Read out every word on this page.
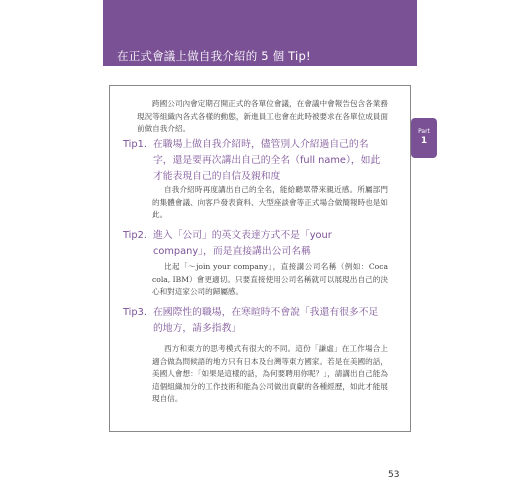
在正式會議上做自我介紹的 5 個 Tip!
Part
1

跨國公司內會定期召開正式的各單位會議，在會議中會報告包含各業務現況等組織內各式各樣的動態，新進員工也會在此時被要求在各單位成員面前做自我介紹。

Tip1. 在職場上做自我介紹時，儘管別人介紹過自己的名字，還是要再次講出自己的全名（full name），如此才能表現自己的自信及親和度

自我介紹時再度講出自己的全名，能給聽眾帶來親近感。所屬部門的集體會議、向客戶發表資料、大型座談會等正式場合做簡報時也是如此。

Tip2. 進入「公司」的英文表達方式不是「your company」，而是直接講出公司名稱

比起「～join your company」，直接講公司名稱（例如：Coca cola, IBM）會更適切。只要直接使用公司名稱就可以展現出自己的決心和對這家公司的歸屬感。

Tip3. 在國際性的職場，在寒暄時不會說「我還有很多不足的地方，請多指教」

西方和東方的思考模式有很大的不同。這份「謙虛」在工作場合上適合做為問候語的地方只有日本及台灣等東方國家。若是在美國的話，美國人會想：「如果是這樣的話，為何要聘用你呢？」，請講出自己能為這個組織加分的工作技術和能為公司做出貢獻的各種經歷，如此才能展現自信。

53
